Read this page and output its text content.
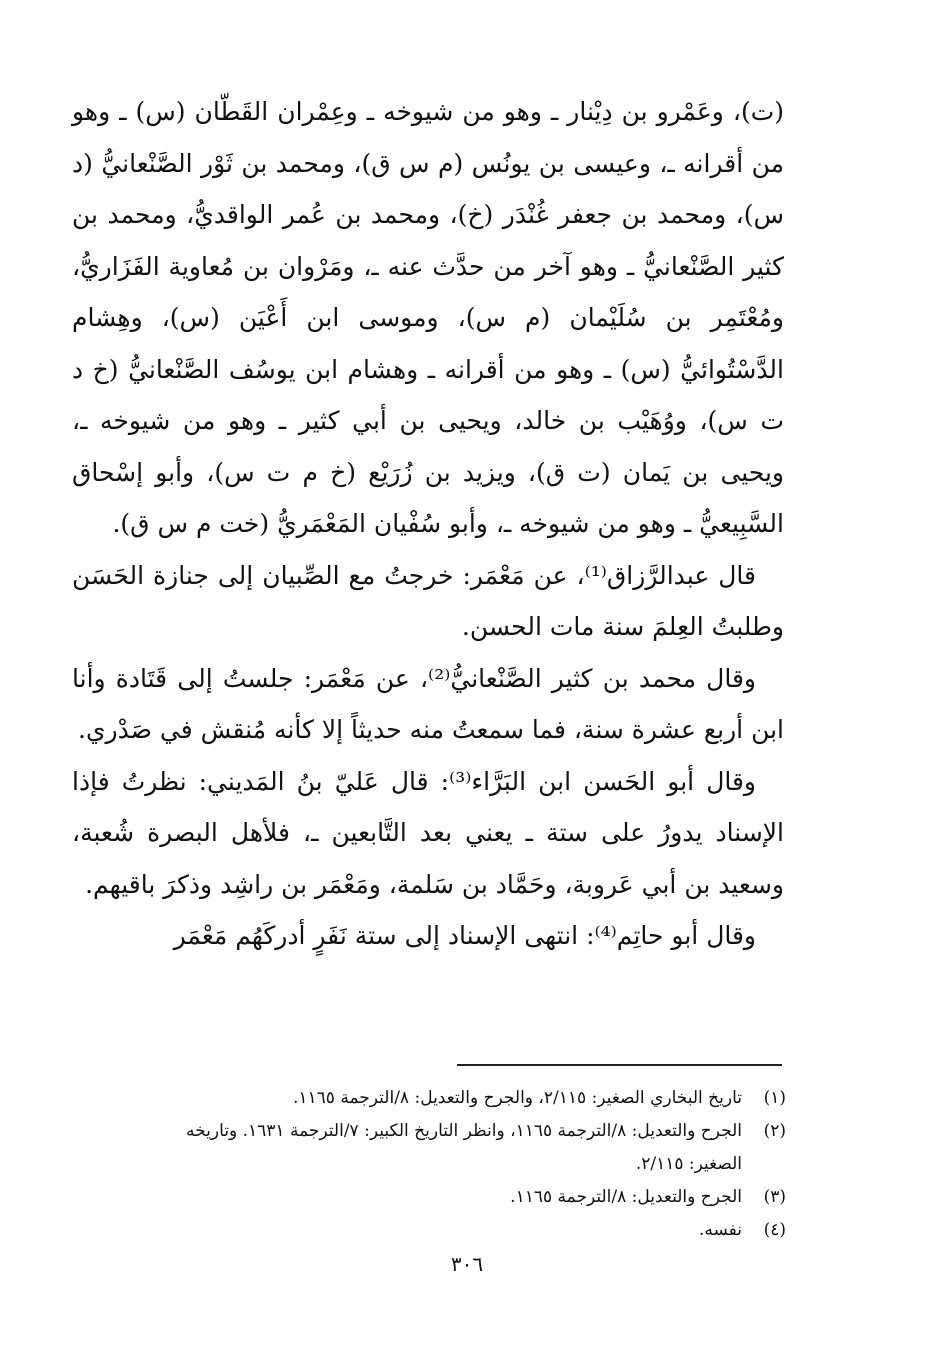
(ت)، وعَمْرو بن دِيْنار ـ وهو من شيوخه ـ وعِمْران القَطّان (س) ـ وهو من أقرانه ـ، وعيسى بن يونُس (م س ق)، ومحمد بن ثَوْر الصَّنْعانيُّ (د س)، ومحمد بن جعفر غُنْدَر (خ)، ومحمد بن عُمر الواقديُّ، ومحمد بن كثير الصَّنْعانيُّ ـ وهو آخر من حدَّث عنه ـ، ومَرْوان بن مُعاوية الفَزَاريُّ، ومُعْتَمِر بن سُلَيْمان (م س)، وموسى ابن أَعْيَن (س)، وهِشام الدَّسْتُوائيُّ (س) ـ وهو من أقرانه ـ وهشام ابن يوسُف الصَّنْعانيُّ (خ د ت س)، ووُهَيْب بن خالد، ويحيى بن أبي كثير ـ وهو من شيوخه ـ، ويحيى بن يَمان (ت ق)، ويزيد بن زُرَيْع (خ م ت س)، وأبو إسْحاق السَّبِيعيُّ ـ وهو من شيوخه ـ، وأبو سُفْيان المَعْمَريُّ (خت م س ق).

قال عبدالرَّزاق⁽¹⁾، عن مَعْمَر: خرجتُ مع الصِّبيان إلى جنازة الحَسَن وطلبتُ العِلمَ سنة مات الحسن.

وقال محمد بن كثير الصَّنْعانيُّ⁽²⁾، عن مَعْمَر: جلستُ إلى قَتَادة وأنا ابن أربع عشرة سنة، فما سمعتُ منه حديثاً إلا كأنه مُنقش في صَدْري.

وقال أبو الحَسن ابن البَرَّاء⁽³⁾: قال عَليّ بنُ المَديني: نظرتُ فإذا الإسناد يدورُ على ستة ـ يعني بعد التَّابعين ـ، فلأهل البصرة شُعبة، وسعيد بن أبي عَروبة، وحَمَّاد بن سَلمة، ومَعْمَر بن راشِد وذكرَ باقيهم.

وقال أبو حاتِم⁽⁴⁾: انتهى الإسناد إلى ستة نَفَرٍ أدركَهُم مَعْمَر

(١)
تاريخ البخاري الصغير: ٢/١١٥، والجرح والتعديل: ٨/الترجمة ١١٦٥.
(٢)
الجرح والتعديل: ٨/الترجمة ١١٦٥، وانظر التاريخ الكبير: ٧/الترجمة ١٦٣١. وتاريخه الصغير: ٢/١١٥.
(٣)
الجرح والتعديل: ٨/الترجمة ١١٦٥.
(٤)
نفسه.
٣٠٦
